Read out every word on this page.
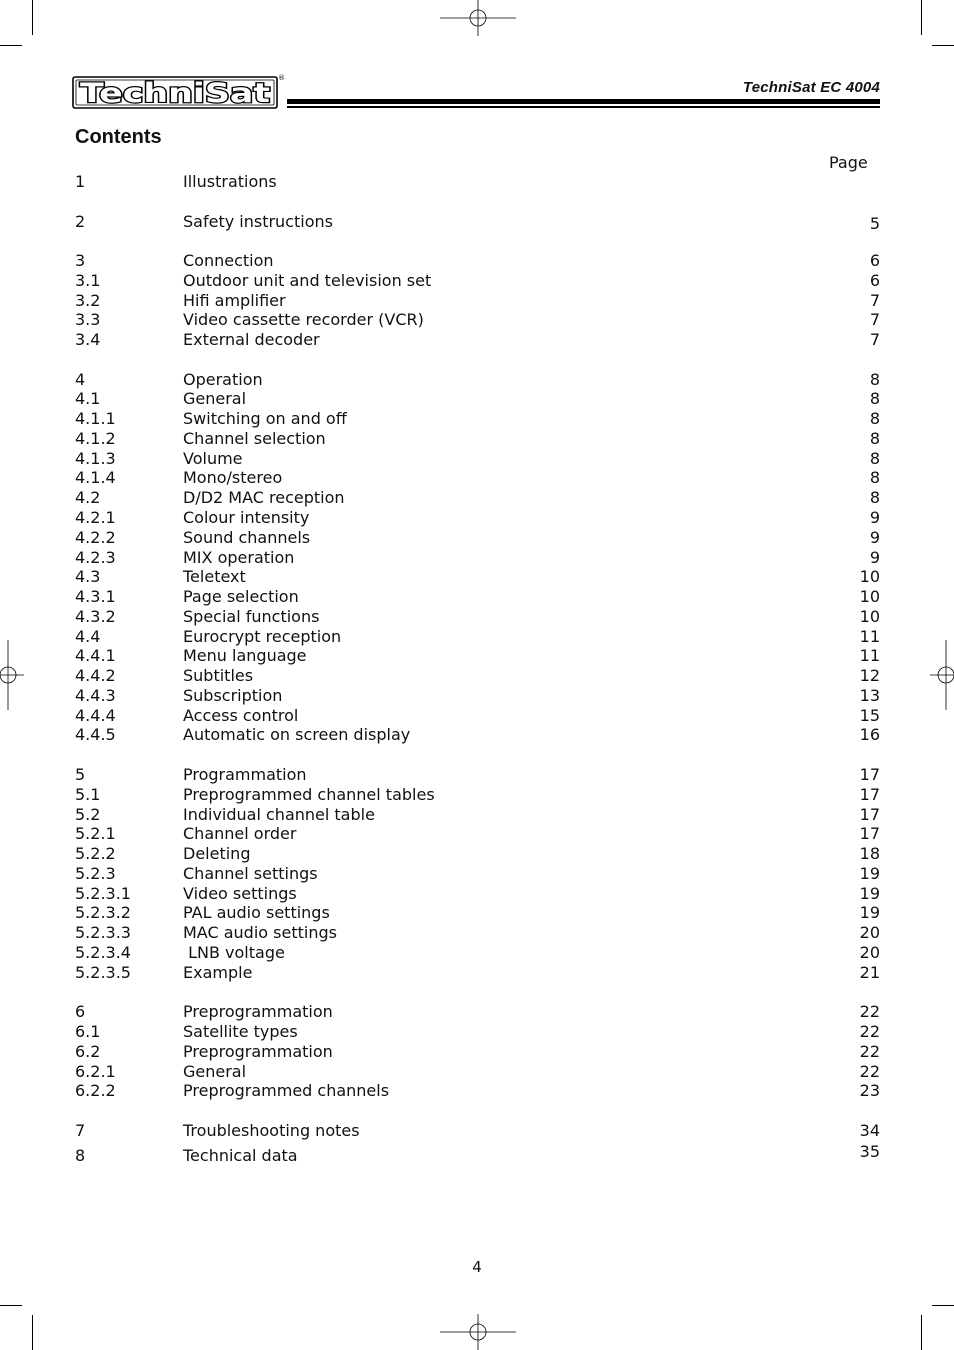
TechniSat ®
TechniSat EC 4004
Contents
Page
1	Illustrations
2	Safety instructions	5
3	Connection	6
3.1	Outdoor unit and television set	6
3.2	Hifi amplifier	7
3.3	Video cassette recorder (VCR)	7
3.4	External decoder	7
4	Operation	8
4.1	General	8
4.1.1	Switching on and off	8
4.1.2	Channel selection	8
4.1.3	Volume	8
4.1.4	Mono/stereo	8
4.2	D/D2 MAC reception	8
4.2.1	Colour intensity	9
4.2.2	Sound channels	9
4.2.3	MIX operation	9
4.3	Teletext	10
4.3.1	Page selection	10
4.3.2	Special functions	10
4.4	Eurocrypt reception	11
4.4.1	Menu language	11
4.4.2	Subtitles	12
4.4.3	Subscription	13
4.4.4	Access control	15
4.4.5	Automatic on screen display	16
5	Programmation	17
5.1	Preprogrammed channel tables	17
5.2	Individual channel table	17
5.2.1	Channel order	17
5.2.2	Deleting	18
5.2.3	Channel settings	19
5.2.3.1	Video settings	19
5.2.3.2	PAL audio settings	19
5.2.3.3	MAC audio settings	20
5.2.3.4	LNB voltage	20
5.2.3.5	Example	21
6	Preprogrammation	22
6.1	Satellite types	22
6.2	Preprogrammation	22
6.2.1	General	22
6.2.2	Preprogrammed channels	23
7	Troubleshooting notes	34
8	Technical data	35
4
